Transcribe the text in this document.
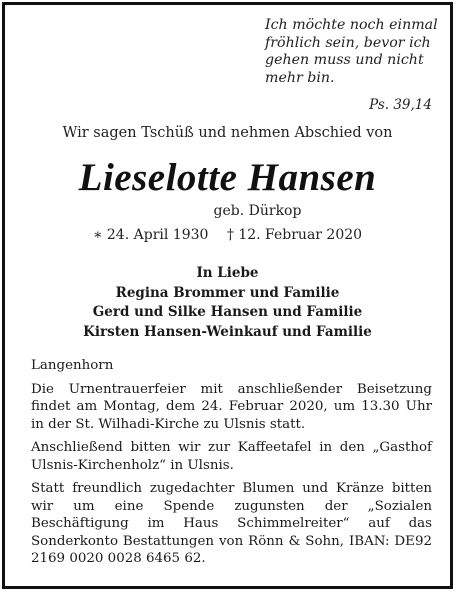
Ich möchte noch einmal
fröhlich sein, bevor ich
gehen muss und nicht
mehr bin.
Ps. 39,14
Wir sagen Tschüß und nehmen Abschied von
Lieselotte Hansen
geb. Dürkop
∗ 24. April 1930 † 12. Februar 2020
In Liebe
Regina Brommer und Familie
Gerd und Silke Hansen und Familie
Kirsten Hansen-Weinkauf und Familie

Langenhorn

Die Urnentrauerfeier mit anschließender Beisetzung findet am Montag, dem 24. Februar 2020, um 13.30 Uhr in der St. Wilhadi-Kirche zu Ulsnis statt.

Anschließend bitten wir zur Kaffeetafel in den „Gasthof Ulsnis-Kirchenholz“ in Ulsnis.

Statt freundlich zugedachter Blumen und Kränze bitten wir um eine Spende zugunsten der „Sozialen Beschäftigung im Haus Schimmelreiter“ auf das Sonderkonto Bestattungen von Rönn & Sohn, IBAN: DE92 2169 0020 0028 6465 62.
